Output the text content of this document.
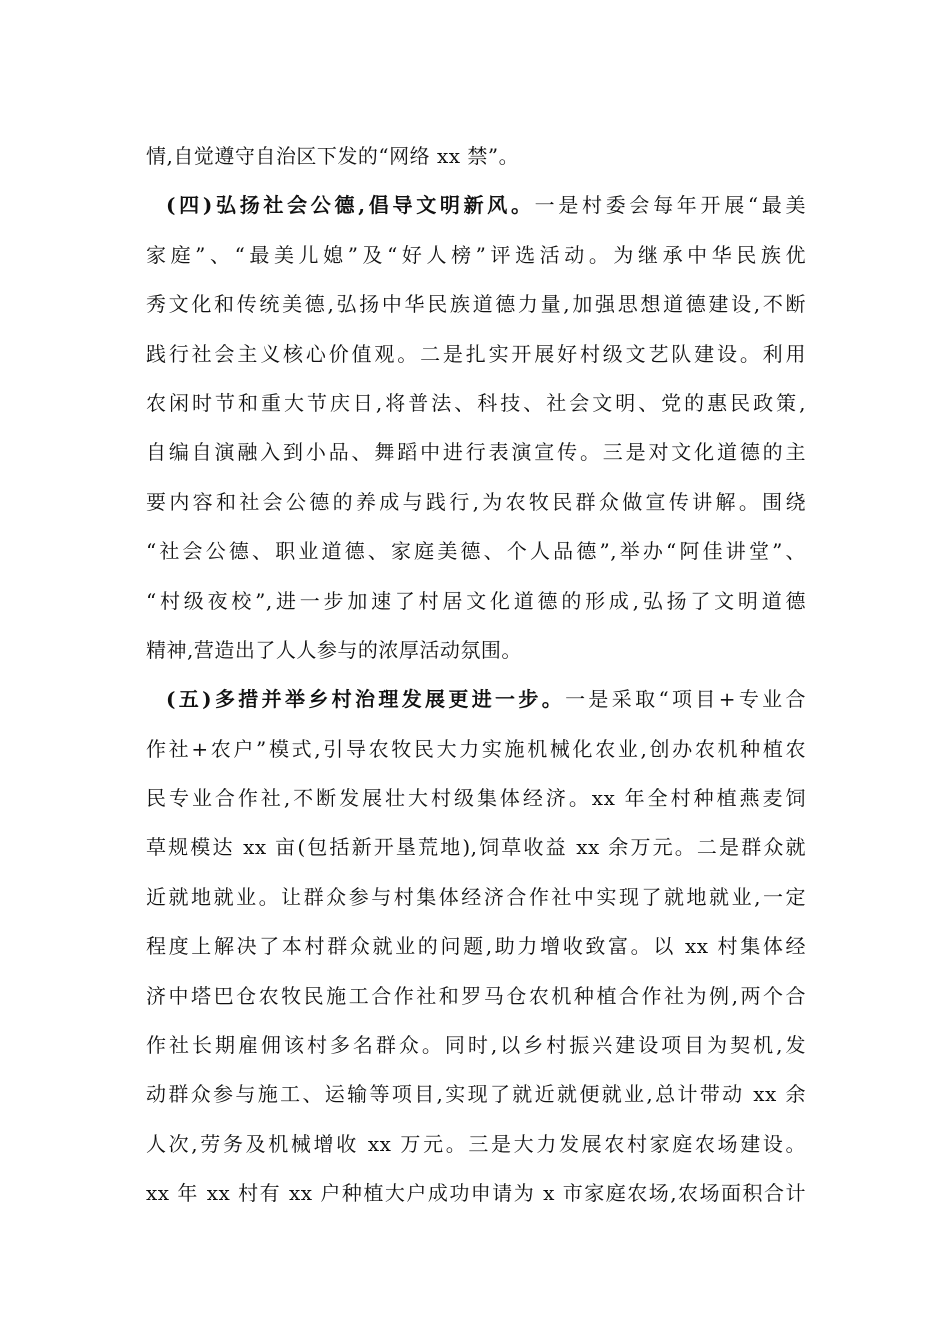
情,自觉遵守自治区下发的“网络 xx 禁”。
(四)弘扬社会公德,倡导文明新风。一是村委会每年开展“最美
家庭”、“最美儿媳”及“好人榜”评选活动。为继承中华民族优
秀文化和传统美德,弘扬中华民族道德力量,加强思想道德建设,不断
践行社会主义核心价值观。二是扎实开展好村级文艺队建设。利用
农闲时节和重大节庆日,将普法、科技、社会文明、党的惠民政策,
自编自演融入到小品、舞蹈中进行表演宣传。三是对文化道德的主
要内容和社会公德的养成与践行,为农牧民群众做宣传讲解。围绕
“社会公德、职业道德、家庭美德、个人品德”,举办“阿佳讲堂”、
“村级夜校”,进一步加速了村居文化道德的形成,弘扬了文明道德
精神,营造出了人人参与的浓厚活动氛围。
(五)多措并举乡村治理发展更进一步。一是采取“项目+专业合
作社+农户”模式,引导农牧民大力实施机械化农业,创办农机种植农
民专业合作社,不断发展壮大村级集体经济。xx 年全村种植燕麦饲
草规模达 xx 亩(包括新开垦荒地),饲草收益 xx 余万元。二是群众就
近就地就业。让群众参与村集体经济合作社中实现了就地就业,一定
程度上解决了本村群众就业的问题,助力增收致富。以 xx 村集体经
济中塔巴仓农牧民施工合作社和罗马仓农机种植合作社为例,两个合
作社长期雇佣该村多名群众。同时,以乡村振兴建设项目为契机,发
动群众参与施工、运输等项目,实现了就近就便就业,总计带动 xx 余
人次,劳务及机械增收 xx 万元。三是大力发展农村家庭农场建设。
xx 年 xx 村有 xx 户种植大户成功申请为 x 市家庭农场,农场面积合计
